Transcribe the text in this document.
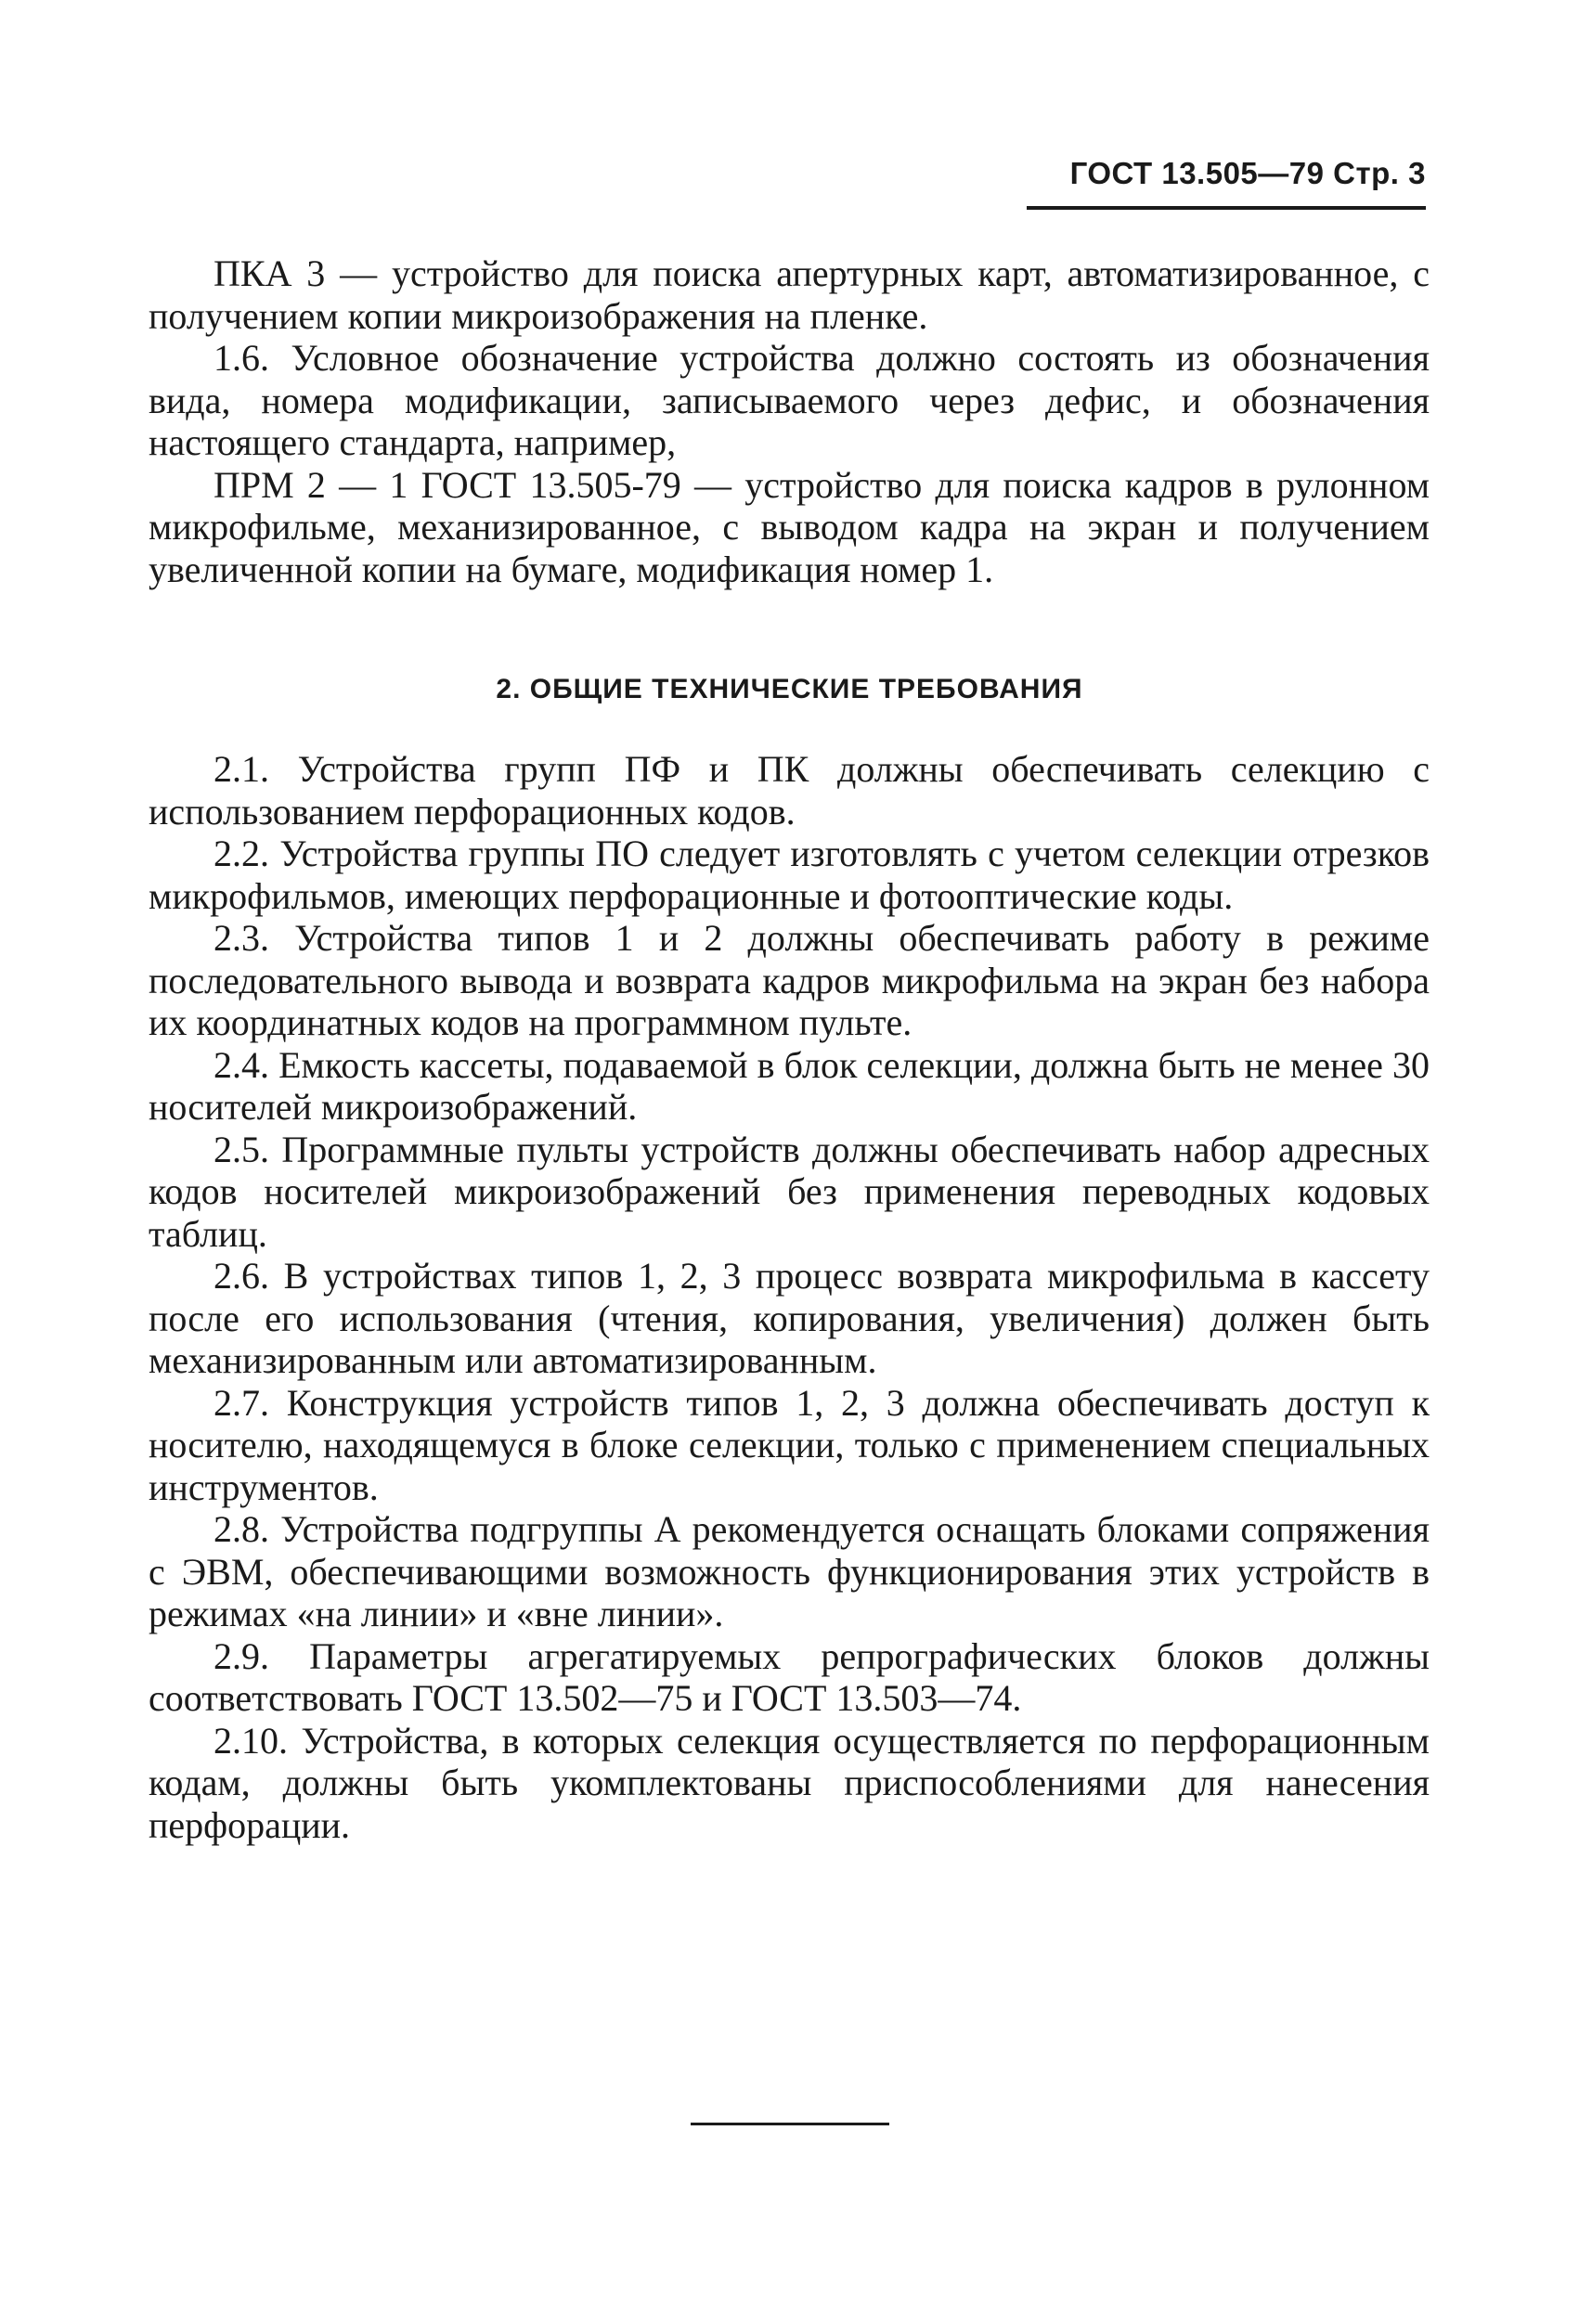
ГОСТ 13.505—79 Стр. 3

ПКА 3 — устройство для поиска апертурных карт, автоматизированное, с получением копии микроизображения на пленке.

1.6. Условное обозначение устройства должно состоять из обозначения вида, номера модификации, записываемого через дефис, и обозначения настоящего стандарта, например,

ПРМ 2 — 1 ГОСТ 13.505-79 — устройство для поиска кадров в рулонном микрофильме, механизированное, с выводом кадра на экран и получением увеличенной копии на бумаге, модификация номер 1.

2. ОБЩИЕ ТЕХНИЧЕСКИЕ ТРЕБОВАНИЯ

2.1. Устройства групп ПФ и ПК должны обеспечивать селекцию с использованием перфорационных кодов.

2.2. Устройства группы ПО следует изготовлять с учетом селекции отрезков микрофильмов, имеющих перфорационные и фотооптические коды.

2.3. Устройства типов 1 и 2 должны обеспечивать работу в режиме последовательного вывода и возврата кадров микрофильма на экран без набора их координатных кодов на программном пульте.

2.4. Емкость кассеты, подаваемой в блок селекции, должна быть не менее 30 носителей микроизображений.

2.5. Программные пульты устройств должны обеспечивать набор адресных кодов носителей микроизображений без применения переводных кодовых таблиц.

2.6. В устройствах типов 1, 2, 3 процесс возврата микрофильма в кассету после его использования (чтения, копирования, увеличения) должен быть механизированным или автоматизированным.

2.7. Конструкция устройств типов 1, 2, 3 должна обеспечивать доступ к носителю, находящемуся в блоке селекции, только с применением специальных инструментов.

2.8. Устройства подгруппы А рекомендуется оснащать блоками сопряжения с ЭВМ, обеспечивающими возможность функционирования этих устройств в режимах «на линии» и «вне линии».

2.9. Параметры агрегатируемых репрографических блоков должны соответствовать ГОСТ 13.502—75 и ГОСТ 13.503—74.

2.10. Устройства, в которых селекция осуществляется по перфорационным кодам, должны быть укомплектованы приспособлениями для нанесения перфорации.
